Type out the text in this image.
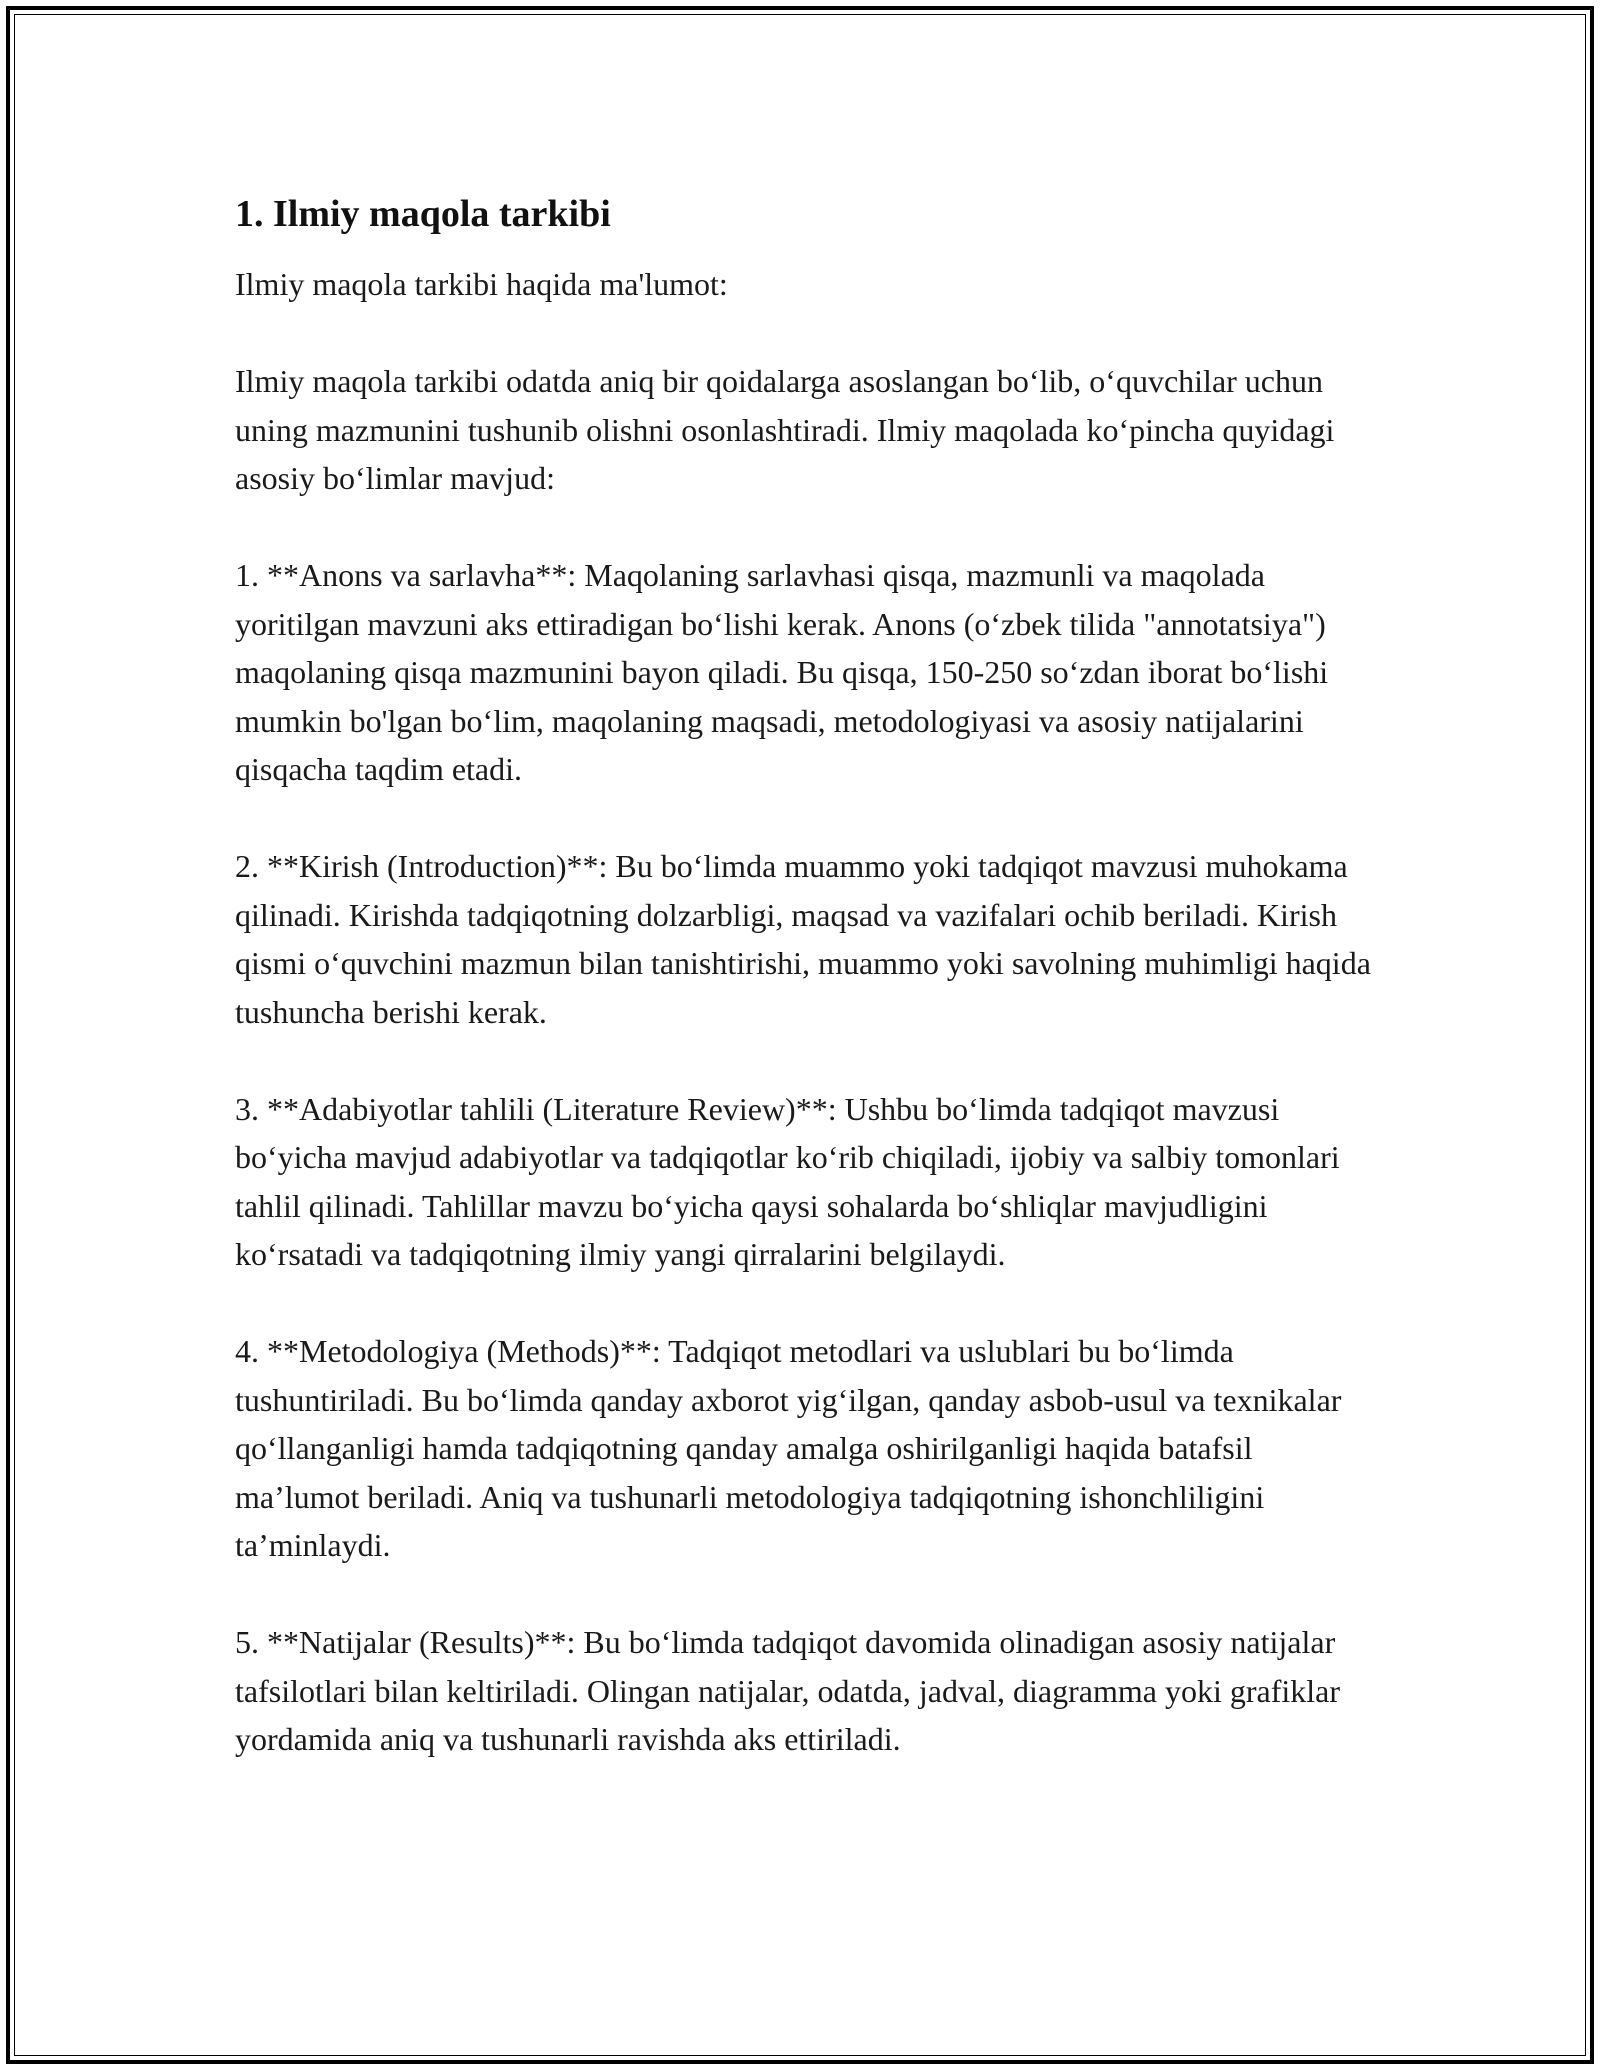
1. Ilmiy maqola tarkibi

Ilmiy maqola tarkibi haqida ma'lumot:

Ilmiy maqola tarkibi odatda aniq bir qoidalarga asoslangan bo‘lib, o‘quvchilar uchun uning mazmunini tushunib olishni osonlashtiradi. Ilmiy maqolada ko‘pincha quyidagi asosiy bo‘limlar mavjud:

1. **Anons va sarlavha**: Maqolaning sarlavhasi qisqa, mazmunli va maqolada yoritilgan mavzuni aks ettiradigan bo‘lishi kerak. Anons (o‘zbek tilida "annotatsiya") maqolaning qisqa mazmunini bayon qiladi. Bu qisqa, 150-250 so‘zdan iborat bo‘lishi mumkin bo'lgan bo‘lim, maqolaning maqsadi, metodologiyasi va asosiy natijalarini qisqacha taqdim etadi.

2. **Kirish (Introduction)**: Bu bo‘limda muammo yoki tadqiqot mavzusi muhokama qilinadi. Kirishda tadqiqotning dolzarbligi, maqsad va vazifalari ochib beriladi. Kirish qismi o‘quvchini mazmun bilan tanishtirishi, muammo yoki savolning muhimligi haqida tushuncha berishi kerak.

3. **Adabiyotlar tahlili (Literature Review)**: Ushbu bo‘limda tadqiqot mavzusi bo‘yicha mavjud adabiyotlar va tadqiqotlar ko‘rib chiqiladi, ijobiy va salbiy tomonlari tahlil qilinadi. Tahlillar mavzu bo‘yicha qaysi sohalarda bo‘shliqlar mavjudligini ko‘rsatadi va tadqiqotning ilmiy yangi qirralarini belgilaydi.

4. **Metodologiya (Methods)**: Tadqiqot metodlari va uslublari bu bo‘limda tushuntiriladi. Bu bo‘limda qanday axborot yig‘ilgan, qanday asbob-usul va texnikalar qo‘llanganligi hamda tadqiqotning qanday amalga oshirilganligi haqida batafsil ma’lumot beriladi. Aniq va tushunarli metodologiya tadqiqotning ishonchliligini ta’minlaydi.

5. **Natijalar (Results)**: Bu bo‘limda tadqiqot davomida olinadigan asosiy natijalar tafsilotlari bilan keltiriladi. Olingan natijalar, odatda, jadval, diagramma yoki grafiklar yordamida aniq va tushunarli ravishda aks ettiriladi.
